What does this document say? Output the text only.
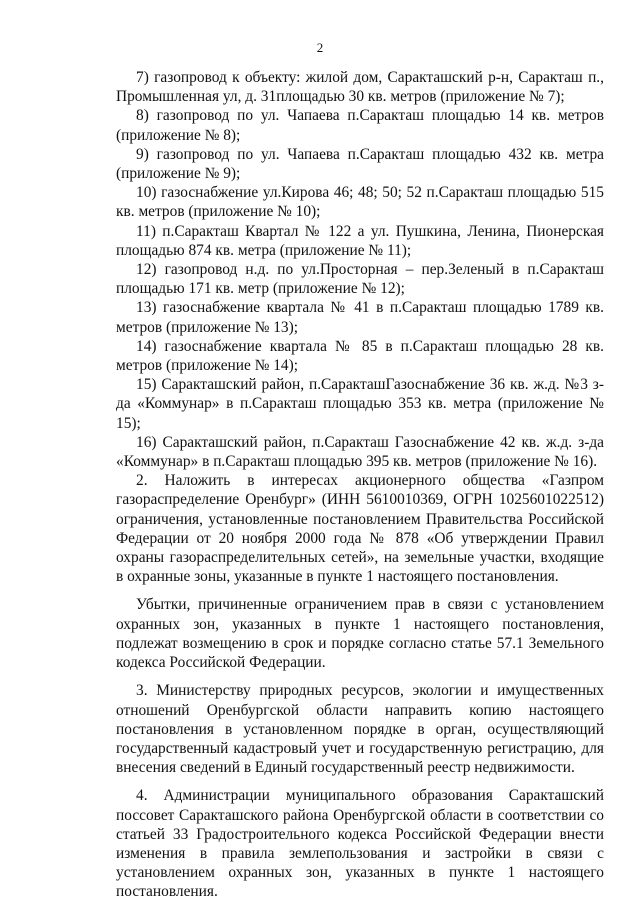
2

7) газопровод к объекту: жилой дом, Саракташский р-н, Саракташ п., Промышленная ул, д. 31площадью 30 кв. метров (приложение № 7);

8) газопровод по ул. Чапаева п.Саракташ площадью 14 кв. метров (приложение № 8);

9) газопровод по ул. Чапаева п.Саракташ площадью 432 кв. метра (приложение № 9);

10) газоснабжение ул.Кирова 46; 48; 50; 52 п.Саракташ площадью 515 кв. метров (приложение № 10);

11) п.Саракташ Квартал № 122 а ул. Пушкина, Ленина, Пионерская площадью 874 кв. метра (приложение № 11);

12) газопровод н.д. по ул.Просторная – пер.Зеленый в п.Саракташ площадью 171 кв. метр (приложение № 12);

13) газоснабжение квартала № 41 в п.Саракташ площадью 1789 кв. метров (приложение № 13);

14) газоснабжение квартала № 85 в п.Саракташ площадью 28 кв. метров (приложение № 14);

15) Саракташский район, п.СаракташГазоснабжение 36 кв. ж.д. №3 з-да «Коммунар» в п.Саракташ площадью 353 кв. метра (приложение № 15);

16) Саракташский район, п.Саракташ Газоснабжение 42 кв. ж.д. з-да «Коммунар» в п.Саракташ площадью 395 кв. метров (приложение № 16).

2. Наложить в интересах акционерного общества «Газпром газораспределение Оренбург» (ИНН 5610010369, ОГРН 1025601022512) ограничения, установленные постановлением Правительства Российской Федерации от 20 ноября 2000 года № 878 «Об утверждении Правил охраны газораспределительных сетей», на земельные участки, входящие в охранные зоны, указанные в пункте 1 настоящего постановления.

Убытки, причиненные ограничением прав в связи с установлением охранных зон, указанных в пункте 1 настоящего постановления, подлежат возмещению в срок и порядке согласно статье 57.1 Земельного кодекса Российской Федерации.

3. Министерству природных ресурсов, экологии и имущественных отношений Оренбургской области направить копию настоящего постановления в установленном порядке в орган, осуществляющий государственный кадастровый учет и государственную регистрацию, для внесения сведений в Единый государственный реестр недвижимости.

4. Администрации муниципального образования Саракташский поссовет Саракташского района Оренбургской области в соответствии со статьей 33 Градостроительного кодекса Российской Федерации внести изменения в правила землепользования и застройки в связи с установлением охранных зон, указанных в пункте 1 настоящего постановления.
